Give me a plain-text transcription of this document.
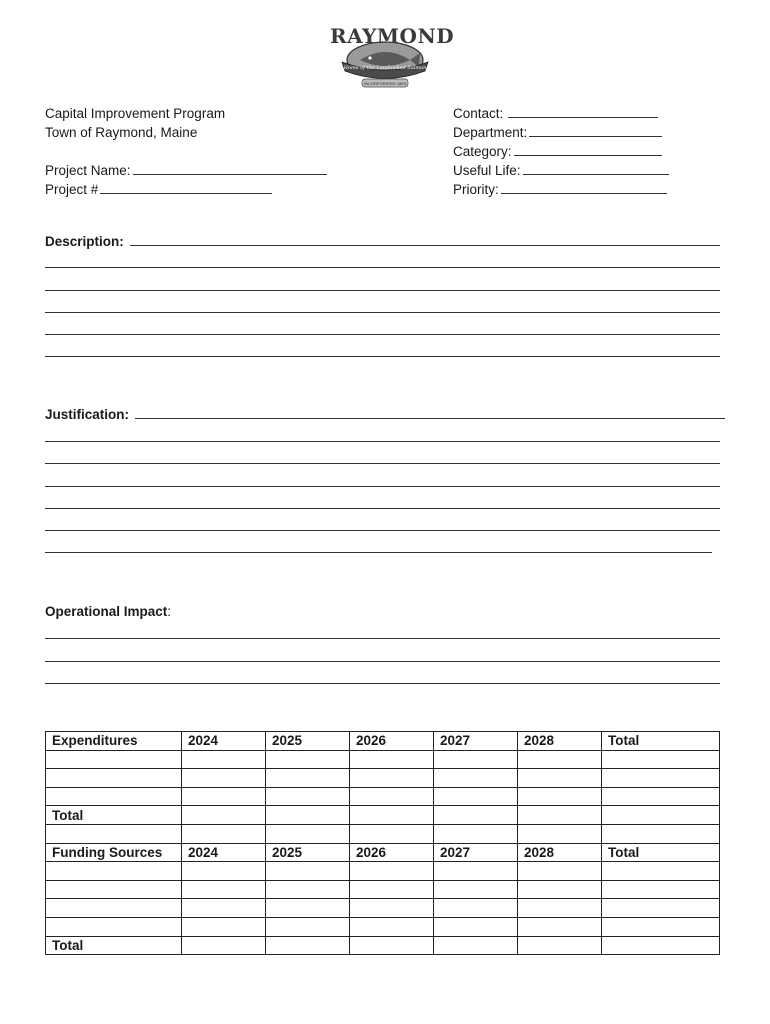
RAYMOND
Home of the Landlocked Salmon
INCORPORATED 1803
Capital Improvement Program
Town of Raymond, Maine
Project Name:
Project #
Contact:
Department:
Category:
Useful Life:
Priority:
Description:
Justification:
Operational Impact:
Expenditures	2024	2025	2026	2027	2028	Total

Total						

Funding Sources	2024	2025	2026	2027	2028	Total

Total						
